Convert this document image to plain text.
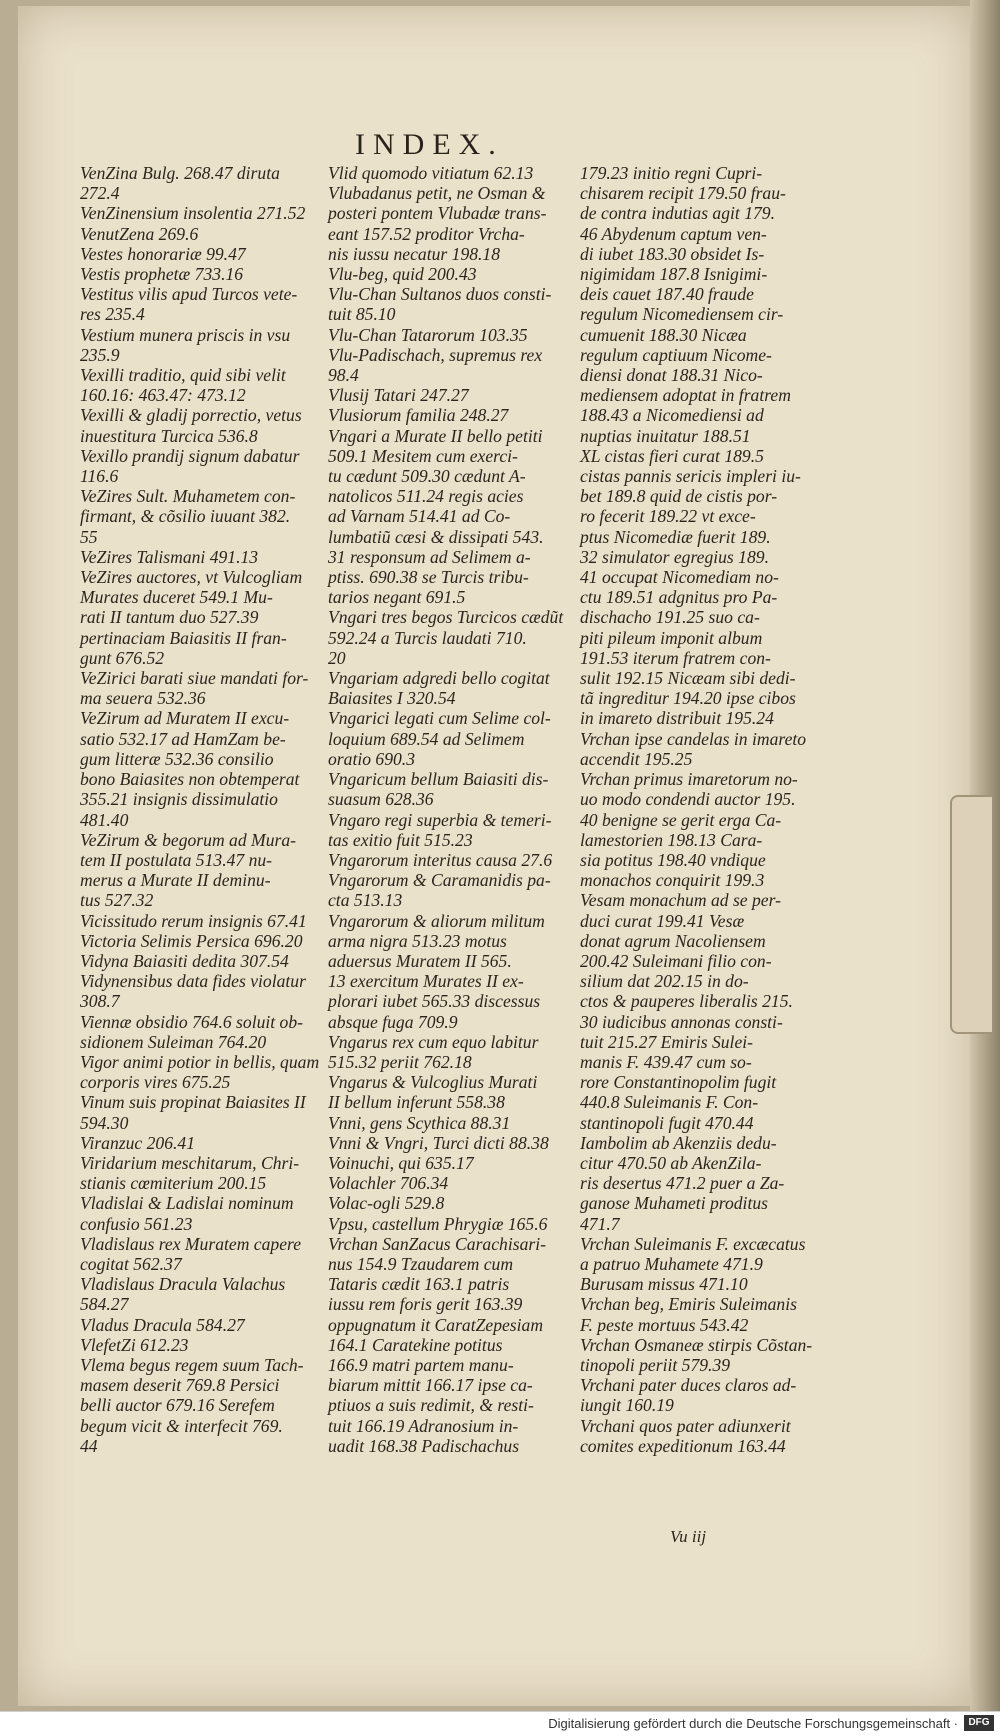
INDEX.
VenZina Bulg. 268.47 diruta
272.4
VenZinensium insolentia 271.52
VenutZena 269.6
Vestes honorariæ 99.47
Vestis prophetæ 733.16
Vestitus vilis apud Turcos vete-
res 235.4
Vestium munera priscis in vsu
235.9
Vexilli traditio, quid sibi velit
160.16: 463.47: 473.12
Vexilli & gladij porrectio, vetus
inuestitura Turcica 536.8
Vexillo prandij signum dabatur
116.6
VeZires Sult. Muhametem con-
firmant, & cõsilio iuuant 382.
55
VeZires Talismani 491.13
VeZires auctores, vt Vulcogliam
Murates duceret 549.1 Mu-
rati II tantum duo 527.39
pertinaciam Baiasitis II fran-
gunt 676.52
VeZirici barati siue mandati for-
ma seuera 532.36
VeZirum ad Muratem II excu-
satio 532.17 ad HamZam be-
gum litteræ 532.36 consilio
bono Baiasites non obtemperat
355.21 insignis dissimulatio
481.40
VeZirum & begorum ad Mura-
tem II postulata 513.47 nu-
merus a Murate II deminu-
tus 527.32
Vicissitudo rerum insignis 67.41
Victoria Selimis Persica 696.20
Vidyna Baiasiti dedita 307.54
Vidynensibus data fides violatur
308.7
Viennæ obsidio 764.6 soluit ob-
sidionem Suleiman 764.20
Vigor animi potior in bellis, quam
corporis vires 675.25
Vinum suis propinat Baiasites II
594.30
Viranzuc 206.41
Viridarium meschitarum, Chri-
stianis cœmiterium 200.15
Vladislai & Ladislai nominum
confusio 561.23
Vladislaus rex Muratem capere
cogitat 562.37
Vladislaus Dracula Valachus
584.27
Vladus Dracula 584.27
VlefetZi 612.23
Vlema begus regem suum Tach-
masem deserit 769.8 Persici
belli auctor 679.16 Serefem
begum vicit & interfecit 769.
44
Vlid quomodo vitiatum 62.13
Vlubadanus petit, ne Osman &
posteri pontem Vlubadæ trans-
eant 157.52 proditor Vrcha-
nis iussu necatur 198.18
Vlu-beg, quid 200.43
Vlu-Chan Sultanos duos consti-
tuit 85.10
Vlu-Chan Tatarorum 103.35
Vlu-Padischach, supremus rex
98.4
Vlusij Tatari 247.27
Vlusiorum familia 248.27
Vngari a Murate II bello petiti
509.1 Mesitem cum exerci-
tu cædunt 509.30 cædunt A-
natolicos 511.24 regis acies
ad Varnam 514.41 ad Co-
lumbatiũ cæsi & dissipati 543.
31 responsum ad Selimem a-
ptiss. 690.38 se Turcis tribu-
tarios negant 691.5
Vngari tres begos Turcicos cædũt
592.24 a Turcis laudati 710.
20
Vngariam adgredi bello cogitat
Baiasites I 320.54
Vngarici legati cum Selime col-
loquium 689.54 ad Selimem
oratio 690.3
Vngaricum bellum Baiasiti dis-
suasum 628.36
Vngaro regi superbia & temeri-
tas exitio fuit 515.23
Vngarorum interitus causa 27.6
Vngarorum & Caramanidis pa-
cta 513.13
Vngarorum & aliorum militum
arma nigra 513.23 motus
aduersus Muratem II 565.
13 exercitum Murates II ex-
plorari iubet 565.33 discessus
absque fuga 709.9
Vngarus rex cum equo labitur
515.32 periit 762.18
Vngarus & Vulcoglius Murati
II bellum inferunt 558.38
Vnni, gens Scythica 88.31
Vnni & Vngri, Turci dicti 88.38
Voinuchi, qui 635.17
Volachler 706.34
Volac-ogli 529.8
Vpsu, castellum Phrygiæ 165.6
Vrchan SanZacus Carachisari-
nus 154.9 Tzaudarem cum
Tataris cædit 163.1 patris
iussu rem foris gerit 163.39
oppugnatum it CaratZepesiam
164.1 Caratekine potitus
166.9 matri partem manu-
biarum mittit 166.17 ipse ca-
ptiuos a suis redimit, & resti-
tuit 166.19 Adranosium in-
uadit 168.38 Padischachus
179.23 initio regni Cupri-
chisarem recipit 179.50 frau-
de contra indutias agit 179.
46 Abydenum captum ven-
di iubet 183.30 obsidet Is-
nigimidam 187.8 Isnigimi-
deis cauet 187.40 fraude
regulum Nicomediensem cir-
cumuenit 188.30 Nicæa
regulum captiuum Nicome-
diensi donat 188.31 Nico-
mediensem adoptat in fratrem
188.43 a Nicomediensi ad
nuptias inuitatur 188.51
XL cistas fieri curat 189.5
cistas pannis sericis impleri iu-
bet 189.8 quid de cistis por-
ro fecerit 189.22 vt exce-
ptus Nicomediæ fuerit 189.
32 simulator egregius 189.
41 occupat Nicomediam no-
ctu 189.51 adgnitus pro Pa-
dischacho 191.25 suo ca-
piti pileum imponit album
191.53 iterum fratrem con-
sulit 192.15 Nicæam sibi dedi-
tã ingreditur 194.20 ipse cibos
in imareto distribuit 195.24
Vrchan ipse candelas in imareto
accendit 195.25
Vrchan primus imaretorum no-
uo modo condendi auctor 195.
40 benigne se gerit erga Ca-
lamestorien 198.13 Cara-
sia potitus 198.40 vndique
monachos conquirit 199.3
Vesam monachum ad se per-
duci curat 199.41 Vesæ
donat agrum Nacoliensem
200.42 Suleimani filio con-
silium dat 202.15 in do-
ctos & pauperes liberalis 215.
30 iudicibus annonas consti-
tuit 215.27 Emiris Sulei-
manis F. 439.47 cum so-
rore Constantinopolim fugit
440.8 Suleimanis F. Con-
stantinopoli fugit 470.44
Iambolim ab Akenziis dedu-
citur 470.50 ab AkenZila-
ris desertus 471.2 puer a Za-
ganose Muhameti proditus
471.7
Vrchan Suleimanis F. excæcatus
a patruo Muhamete 471.9
Burusam missus 471.10
Vrchan beg, Emiris Suleimanis
F. peste mortuus 543.42
Vrchan Osmaneæ stirpis Cõstan-
tinopoli periit 579.39
Vrchani pater duces claros ad-
iungit 160.19
Vrchani quos pater adiunxerit
comites expeditionum 163.44
Vu iij
Digitalisierung gefördert durch die Deutsche Forschungsgemeinschaft ·	DFG
